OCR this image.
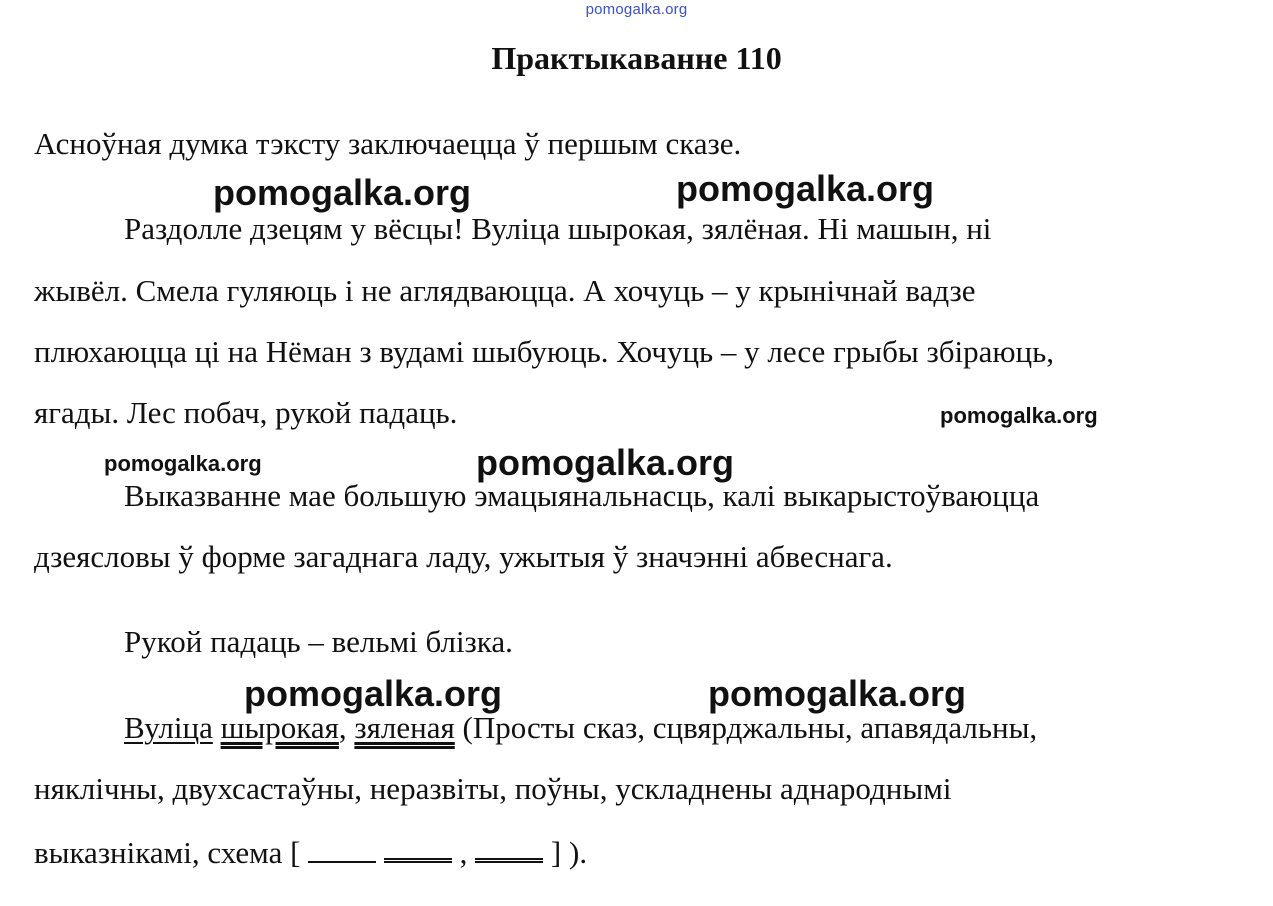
pomogalka.org
Практыкаванне 110
Асноўная думка тэксту заключаецца ў першым сказе.
Раздолле дзецям у вёсцы! Вуліца шырокая, зялёная. Ні машын, ні
жывёл. Смела гуляюць і не аглядваюцца. А хочуць – у крынічнай вадзе
плюхаюцца ці на Нёман з вудамі шыбуюць. Хочуць – у лесе грыбы збіраюць,
ягады. Лес побач, рукой падаць.
Выказванне мае большую эмацыянальнасць, калі выкарыстоўваюцца
дзеясловы ў форме загаднага ладу, ужытыя ў значэнні абвеснага.
Рукой падаць – вельмі блізка.
Вуліца шырокая, зяленая (Просты сказ, сцвярджальны, апавядальны,
няклічны, двухсастаўны, неразвіты, поўны, ускладнены аднароднымі
выказнікамі, схема [	,  ] ).
pomogalka.org	pomogalka.org
pomogalka.org
pomogalka.org	pomogalka.org
pomogalka.org	pomogalka.org
